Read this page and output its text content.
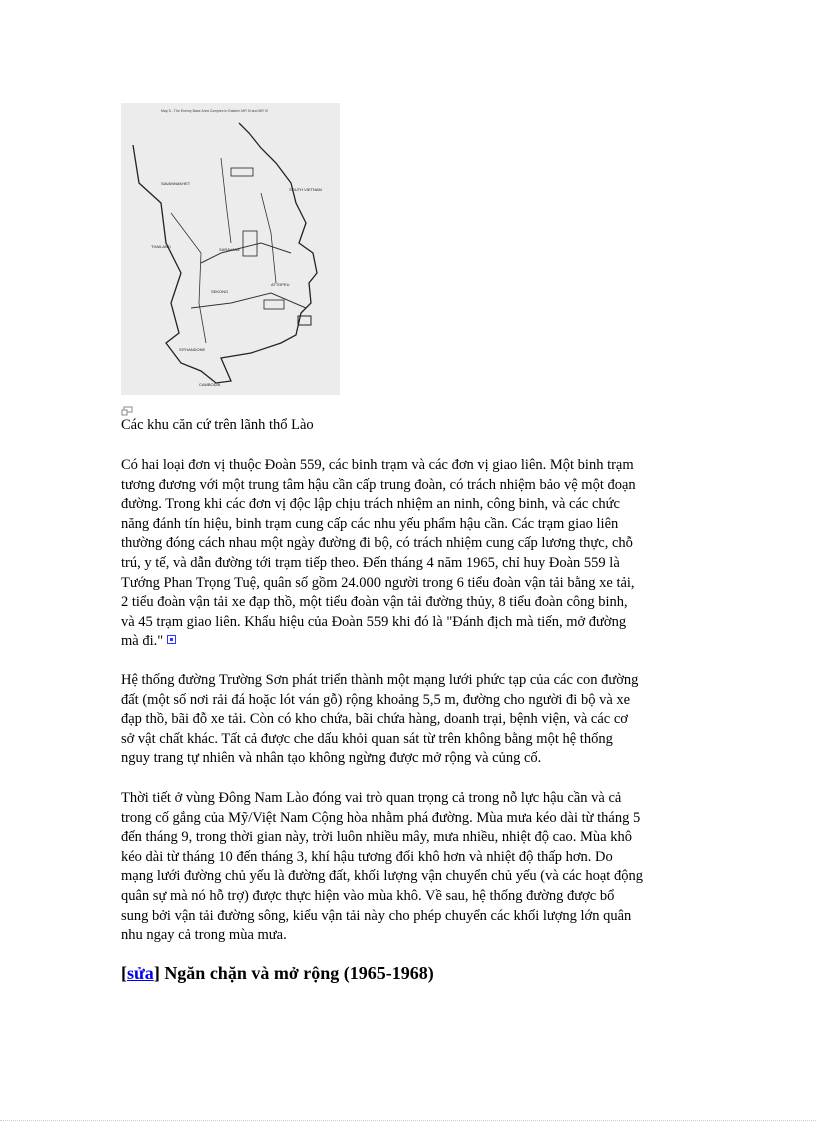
Map 5 - The Enemy Base Area Complex in Eastern MR III and MR IV
SAVANNAKHET
SOUTH VIETNAM
THAILAND
SARAVANE
SEKONG
ATTOPEU
SITHANDONE
CAMBODIA
Các khu căn cứ trên lãnh thổ Lào
Có hai loại đơn vị thuộc Đoàn 559, các binh trạm và các đơn vị giao liên. Một binh trạm
tương đương với một trung tâm hậu cần cấp trung đoàn, có trách nhiệm bảo vệ một đoạn
đường. Trong khi các đơn vị độc lập chịu trách nhiệm an ninh, công binh, và các chức
năng đánh tín hiệu, binh trạm cung cấp các nhu yếu phẩm hậu cần. Các trạm giao liên
thường đóng cách nhau một ngày đường đi bộ, có trách nhiệm cung cấp lương thực, chỗ
trú, y tế, và dẫn đường tới trạm tiếp theo. Đến tháng 4 năm 1965, chỉ huy Đoàn 559 là
Tướng Phan Trọng Tuệ, quân số gồm 24.000 người trong 6 tiểu đoàn vận tải bằng xe tải,
2 tiểu đoàn vận tải xe đạp thồ, một tiểu đoàn vận tải đường thủy, 8 tiểu đoàn công binh,
và 45 trạm giao liên. Khẩu hiệu của Đoàn 559 khi đó là "Đánh địch mà tiến, mở đường
mà đi."
Hệ thống đường Trường Sơn phát triển thành một mạng lưới phức tạp của các con đường
đất (một số nơi rải đá hoặc lót ván gỗ) rộng khoảng 5,5 m, đường cho người đi bộ và xe
đạp thồ, bãi đỗ xe tải. Còn có kho chứa, bãi chứa hàng, doanh trại, bệnh viện, và các cơ
sở vật chất khác. Tất cả được che dấu khỏi quan sát từ trên không bằng một hệ thống
nguy trang tự nhiên và nhân tạo không ngừng được mở rộng và củng cố.
Thời tiết ở vùng Đông Nam Lào đóng vai trò quan trọng cả trong nỗ lực hậu cần và cả
trong cố gắng của Mỹ/Việt Nam Cộng hòa nhằm phá đường. Mùa mưa kéo dài từ tháng 5
đến tháng 9, trong thời gian này, trời luôn nhiều mây, mưa nhiều, nhiệt độ cao. Mùa khô
kéo dài từ tháng 10 đến tháng 3, khí hậu tương đối khô hơn và nhiệt độ thấp hơn. Do
mạng lưới đường chủ yếu là đường đất, khối lượng vận chuyển chủ yếu (và các hoạt động
quân sự mà nó hỗ trợ) được thực hiện vào mùa khô. Về sau, hệ thống đường được bổ
sung bởi vận tải đường sông, kiểu vận tải này cho phép chuyển các khối lượng lớn quân
nhu ngay cả trong mùa mưa.
[sửa] Ngăn chặn và mở rộng (1965-1968)
